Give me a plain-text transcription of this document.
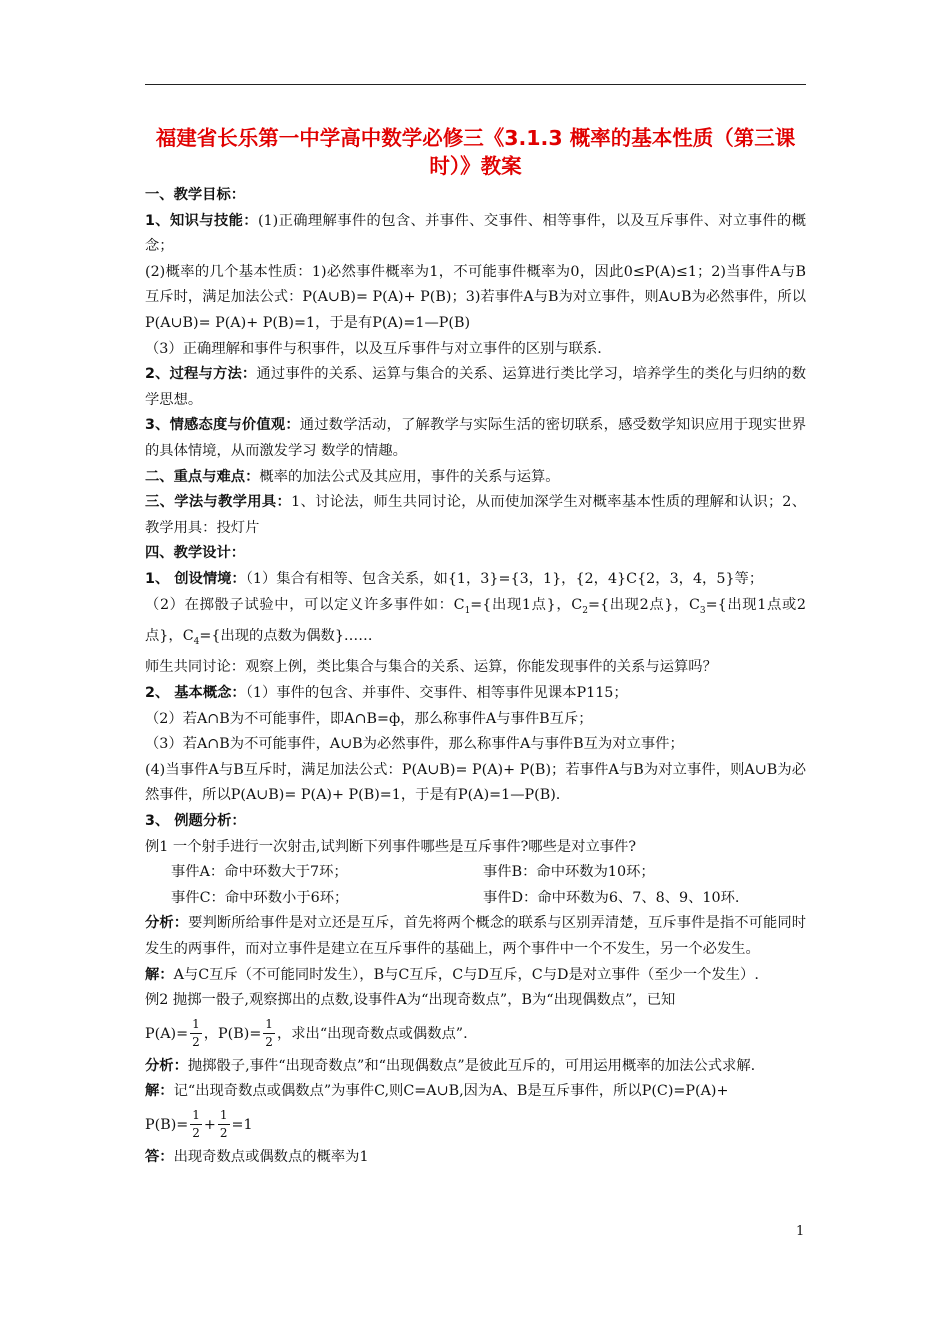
福建省长乐第一中学高中数学必修三《3.1.3 概率的基本性质（第三课时）》教案

一、教学目标：

1、知识与技能：(1)正确理解事件的包含、并事件、交事件、相等事件，以及互斥事件、对立事件的概念；

(2)概率的几个基本性质：1)必然事件概率为1，不可能事件概率为0，因此0≤P(A)≤1；2)当事件A与B互斥时，满足加法公式：P(A∪B)= P(A)+ P(B)；3)若事件A与B为对立事件，则A∪B为必然事件，所以P(A∪B)= P(A)+ P(B)=1，于是有P(A)=1—P(B)

（3）正确理解和事件与积事件，以及互斥事件与对立事件的区别与联系.

2、过程与方法：通过事件的关系、运算与集合的关系、运算进行类比学习，培养学生的类化与归纳的数学思想。

3、情感态度与价值观：通过数学活动，了解教学与实际生活的密切联系，感受数学知识应用于现实世界的具体情境，从而激发学习 数学的情趣。

二、重点与难点：概率的加法公式及其应用，事件的关系与运算。

三、学法与教学用具：1、讨论法，师生共同讨论，从而使加深学生对概率基本性质的理解和认识；2、教学用具：投灯片

四、教学设计：

1、 创设情境：（1）集合有相等、包含关系，如{1，3}={3，1}，{2，4}C{2，3，4，5}等；

（2）在掷骰子试验中，可以定义许多事件如：$C_1=${出现1点}，$C_2=${出现2点}，$C_3=${出现1点或2点}，$C_4=${出现的点数为偶数}……

师生共同讨论：观察上例，类比集合与集合的关系、运算，你能发现事件的关系与运算吗？

2、 基本概念：（1）事件的包含、并事件、交事件、相等事件见课本P115；

（2）若A∩B为不可能事件，即A∩B=ф，那么称事件A与事件B互斥；

（3）若A∩B为不可能事件，A∪B为必然事件，那么称事件A与事件B互为对立事件；

(4)当事件A与B互斥时，满足加法公式：P(A∪B)= P(A)+ P(B)；若事件A与B为对立事件，则A∪B为必然事件，所以P(A∪B)= P(A)+ P(B)=1，于是有P(A)=1—P(B).

3、 例题分析：

例1 一个射手进行一次射击,试判断下列事件哪些是互斥事件?哪些是对立事件?

事件A：命中环数大于7环；	事件B：命中环数为10环；
事件C：命中环数小于6环；	事件D：命中环数为6、7、8、9、10环.

分析：要判断所给事件是对立还是互斥，首先将两个概念的联系与区别弄清楚，互斥事件是指不可能同时发生的两事件，而对立事件是建立在互斥事件的基础上，两个事件中一个不发生，另一个必发生。

解：A与C互斥（不可能同时发生），B与C互斥，C与D互斥，C与D是对立事件（至少一个发生）.

例2 抛掷一骰子,观察掷出的点数,设事件A为“出现奇数点”，B为“出现偶数点”，已知

$P(A)= \frac{1}{2}$ ，$P(B)= \frac{1}{2}$ ，求出“出现奇数点或偶数点”.

分析：抛掷骰子,事件“出现奇数点”和“出现偶数点”是彼此互斥的，可用运用概率的加法公式求解.

解：记“出现奇数点或偶数点”为事件C,则C=A∪B,因为A、B是互斥事件，所以P(C)=P(A)+

$P(B)= \frac{1}{2} + \frac{1}{2} =1$

答：出现奇数点或偶数点的概率为1

1
